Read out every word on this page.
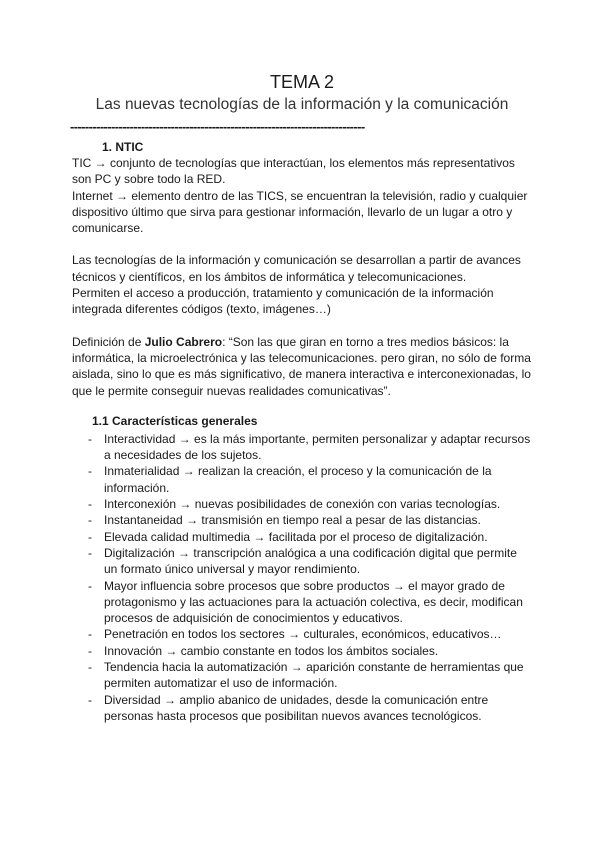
TEMA 2
Las nuevas tecnologías de la información y la comunicación
-------------------------------------------------------------------------------
1. NTIC

TIC → conjunto de tecnologías que interactúan, los elementos más representativos son PC y sobre todo la RED.

Internet → elemento dentro de las TICS, se encuentran la televisión, radio y cualquier dispositivo último que sirva para gestionar información, llevarlo de un lugar a otro y comunicarse.

Las tecnologías de la información y comunicación se desarrollan a partir de avances técnicos y científicos, en los ámbitos de informática y telecomunicaciones.

Permiten el acceso a producción, tratamiento y comunicación de la información integrada diferentes códigos (texto, imágenes…)

Definición de Julio Cabrero: “Son las que giran en torno a tres medios básicos: la informática, la microelectrónica y las telecomunicaciones. pero giran, no sólo de forma aislada, sino lo que es más significativo, de manera interactiva e interconexionadas, lo que le permite conseguir nuevas realidades comunicativas”.

1.1 Características generales
- Interactividad → es la más importante, permiten personalizar y adaptar recursos a necesidades de los sujetos.
- Inmaterialidad → realizan la creación, el proceso y la comunicación de la información.
- Interconexión → nuevas posibilidades de conexión con varias tecnologías.
- Instantaneidad → transmisión en tiempo real a pesar de las distancias.
- Elevada calidad multimedia → facilitada por el proceso de digitalización.
- Digitalización → transcripción analógica a una codificación digital que permite un formato único universal y mayor rendimiento.
- Mayor influencia sobre procesos que sobre productos → el mayor grado de protagonismo y las actuaciones para la actuación colectiva, es decir, modifican procesos de adquisición de conocimientos y educativos.
- Penetración en todos los sectores → culturales, económicos, educativos…
- Innovación → cambio constante en todos los ámbitos sociales.
- Tendencia hacia la automatización → aparición constante de herramientas que permiten automatizar el uso de información.
- Diversidad → amplio abanico de unidades, desde la comunicación entre personas hasta procesos que posibilitan nuevos avances tecnológicos.
